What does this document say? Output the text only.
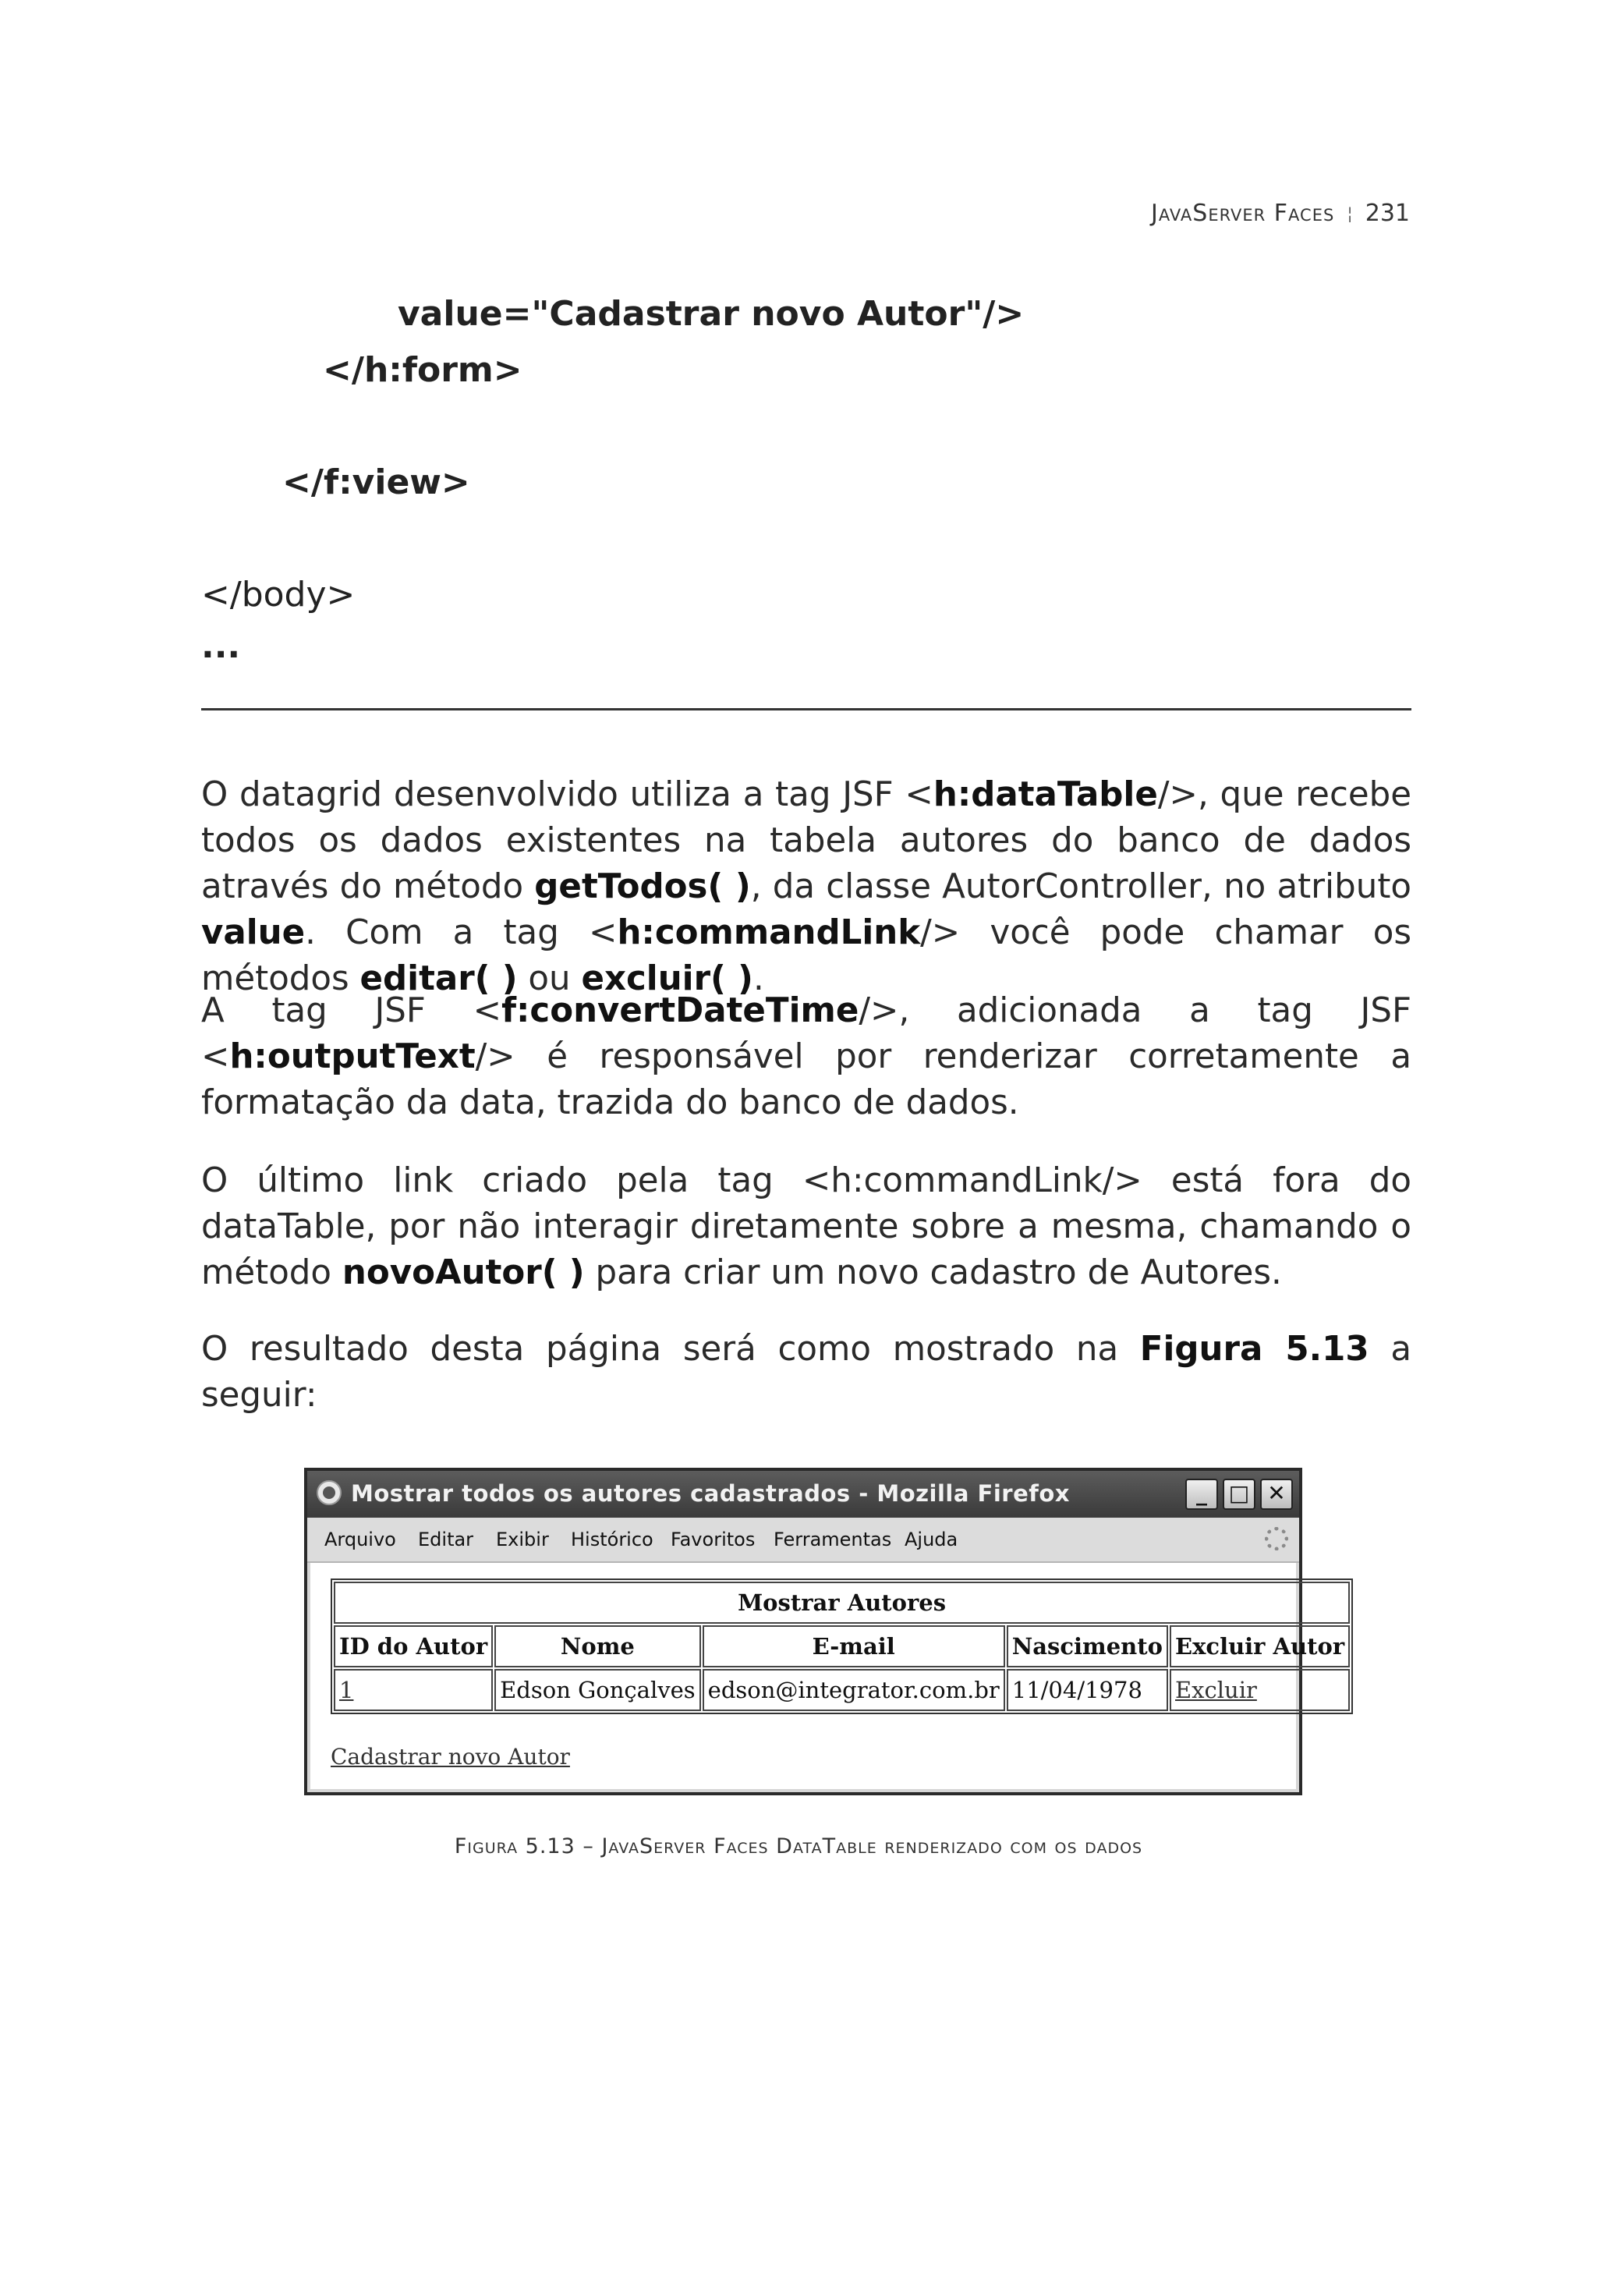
JavaServer Faces ¦ 231
value="Cadastrar novo Autor"/>
</h:form>
</f:view>
</body>
...
O datagrid desenvolvido utiliza a tag JSF <h:dataTable/>, que recebe todos os dados existentes na tabela autores do banco de dados através do método getTodos( ), da classe AutorController, no atributo value. Com a tag <h:commandLink/> você pode chamar os métodos editar( ) ou excluir( ).
A tag JSF <f:convertDateTime/>, adicionada a tag JSF <h:outputText/> é responsável por renderizar corretamente a formatação da data, trazida do banco de dados.
O último link criado pela tag <h:commandLink/> está fora do dataTable, por não interagir diretamente sobre a mesma, chamando o método novoAutor( ) para criar um novo cadastro de Autores.
O resultado desta página será como mostrado na Figura 5.13 a seguir:
Mostrar todos os autores cadastrados - Mozilla Firefox	_ □ ✕
Arquivo Editar Exibir Histórico Favoritos Ferramentas Ajuda
Mostrar Autores				
ID do Autor	Nome	E-mail	Nascimento	Excluir Autor
1	Edson Gonçalves	edson@integrator.com.br	11/04/1978	Excluir
Cadastrar novo Autor
Figura 5.13 – JavaServer Faces DataTable renderizado com os dados
